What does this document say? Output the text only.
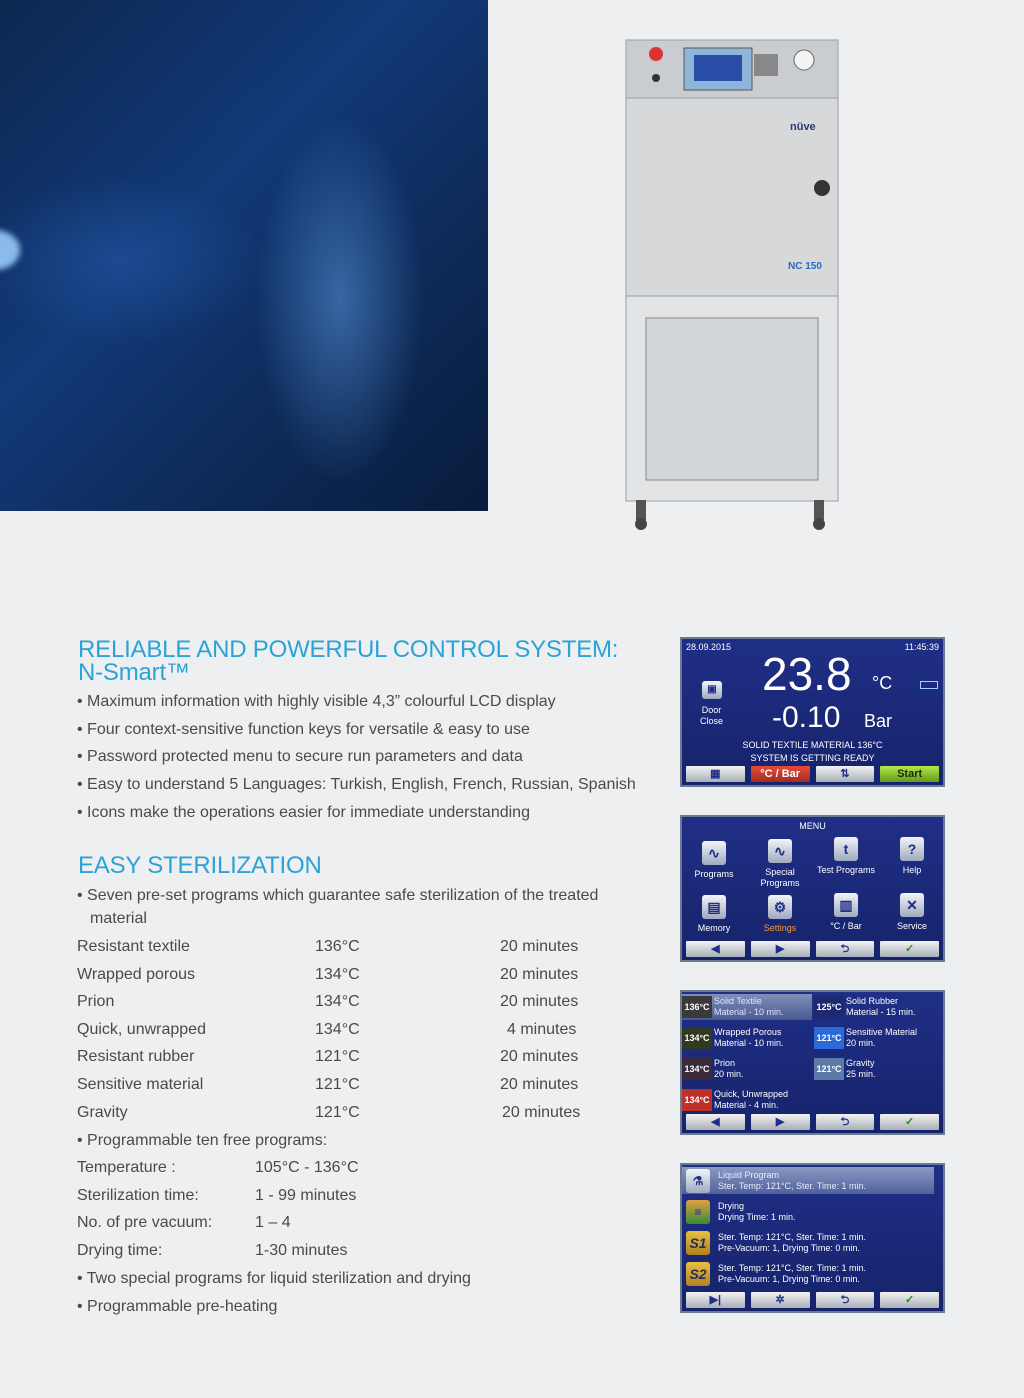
nüve
NC 150
RELIABLE AND POWERFUL CONTROL SYSTEM:
N-Smart™
• Maximum information with highly visible 4,3” colourful LCD display
• Four context-sensitive function keys for versatile & easy to use
• Password protected menu to secure run parameters and data
• Easy to understand 5 Languages: Turkish, English, French, Russian, Spanish
• Icons make the operations easier for immediate understanding
EASY STERILIZATION
• Seven pre-set programs which guarantee safe sterilization of the treated
material
Resistant textile	136°C	20 minutes
Wrapped porous	134°C	20 minutes
Prion	134°C	20 minutes
Quick, unwrapped	134°C	4 minutes
Resistant rubber	121°C	20 minutes
Sensitive material	121°C	20 minutes
Gravity	121°C	20 minutes
• Programmable ten free programs:
Temperature :	105°C - 136°C
Sterilization time:	1 - 99 minutes
No. of pre vacuum:	1 – 4
Drying time:	1-30 minutes
• Two special programs for liquid sterilization and drying
• Programmable pre-heating
28.09.2015	11:45:39
▣
Door
Close
23.8 °C
-0.10 Bar
SOLID TEXTILE MATERIAL 136°C
SYSTEM IS GETTING READY
▦	°C / Bar	⇅	Start
MENU
∿
Programs
∿
Special Programs
t
Test Programs
?
Help
▤
Memory
⚙
Settings
▥
°C / Bar
✕
Service
◀	▶	⮌	✓
136°C
Solid Textile
Material - 10 min.	125°C
Solid Rubber
Material - 15 min.
134°C
Wrapped Porous
Material - 10 min.	121°C
Sensitive Material
20 min.
134°C
Prion
20 min.	121°C
Gravity
25 min.
134°C
Quick, Unwrapped
Material - 4 min.
◀	▶	⮌	✓
⚗	Liquid Program
Ster. Temp: 121°C, Ster. Time: 1 min.
≡	Drying
Drying Time: 1 min.
S1	Ster. Temp: 121°C, Ster. Time: 1 min.
Pre-Vacuum: 1, Drying Time: 0 min.
S2	Ster. Temp: 121°C, Ster. Time: 1 min.
Pre-Vacuum: 1, Drying Time: 0 min.
▶|	✲	⮌	✓
